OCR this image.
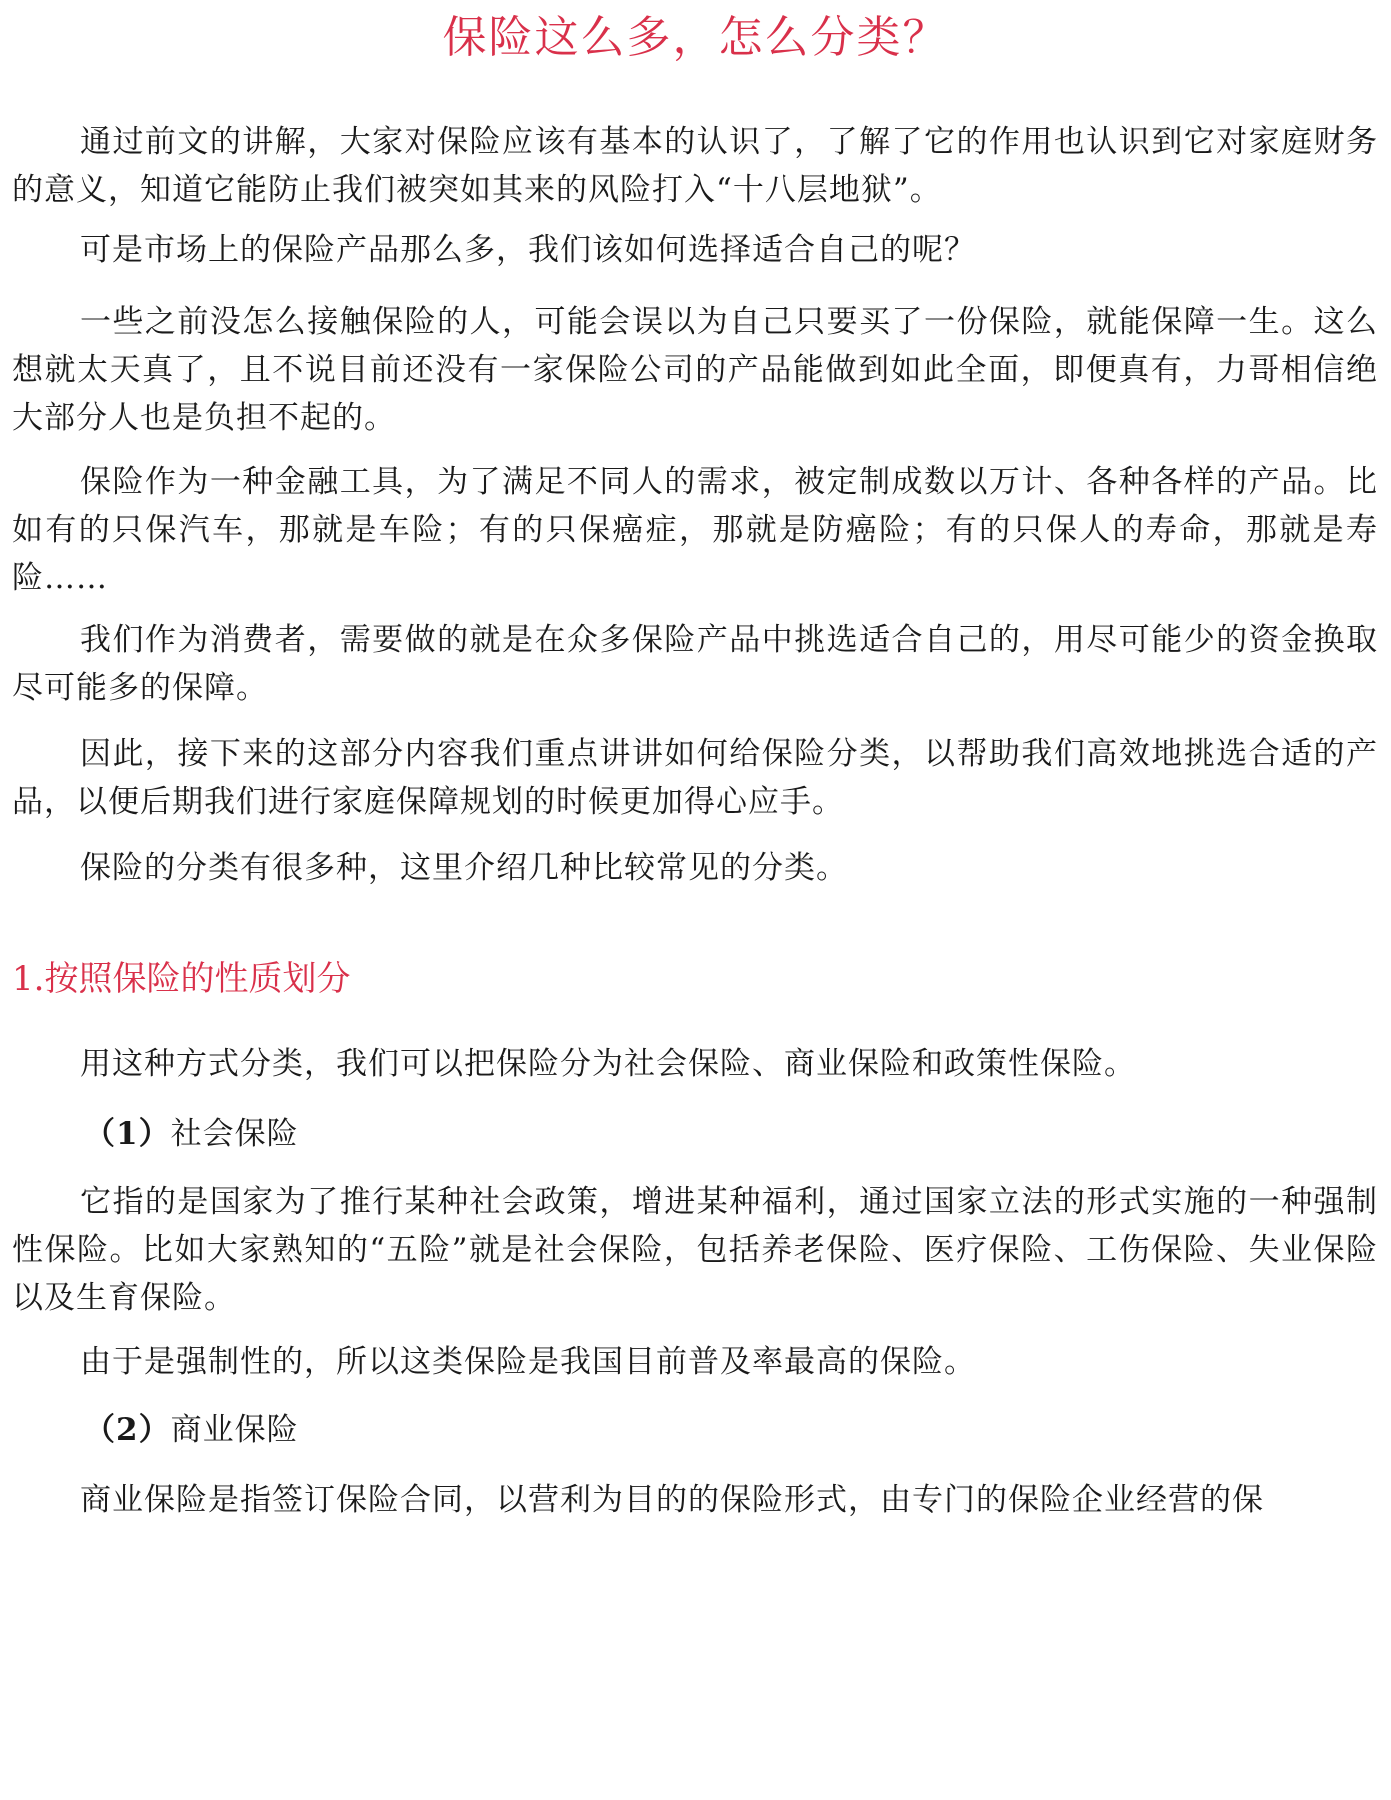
保险这么多，怎么分类？

通过前文的讲解，大家对保险应该有基本的认识了，了解了它的作用也认识到它对家庭财务的意义，知道它能防止我们被突如其来的风险打入“十八层地狱”。

可是市场上的保险产品那么多，我们该如何选择适合自己的呢？

一些之前没怎么接触保险的人，可能会误以为自己只要买了一份保险，就能保障一生。这么想就太天真了，且不说目前还没有一家保险公司的产品能做到如此全面，即便真有，力哥相信绝大部分人也是负担不起的。

保险作为一种金融工具，为了满足不同人的需求，被定制成数以万计、各种各样的产品。比如有的只保汽车，那就是车险；有的只保癌症，那就是防癌险；有的只保人的寿命，那就是寿险……

我们作为消费者，需要做的就是在众多保险产品中挑选适合自己的，用尽可能少的资金换取尽可能多的保障。

因此，接下来的这部分内容我们重点讲讲如何给保险分类，以帮助我们高效地挑选合适的产品，以便后期我们进行家庭保障规划的时候更加得心应手。

保险的分类有很多种，这里介绍几种比较常见的分类。

1.按照保险的性质划分

用这种方式分类，我们可以把保险分为社会保险、商业保险和政策性保险。

（1）社会保险

它指的是国家为了推行某种社会政策，增进某种福利，通过国家立法的形式实施的一种强制性保险。比如大家熟知的“五险”就是社会保险，包括养老保险、医疗保险、工伤保险、失业保险以及生育保险。

由于是强制性的，所以这类保险是我国目前普及率最高的保险。

（2）商业保险

商业保险是指签订保险合同，以营利为目的的保险形式，由专门的保险企业经营的保
